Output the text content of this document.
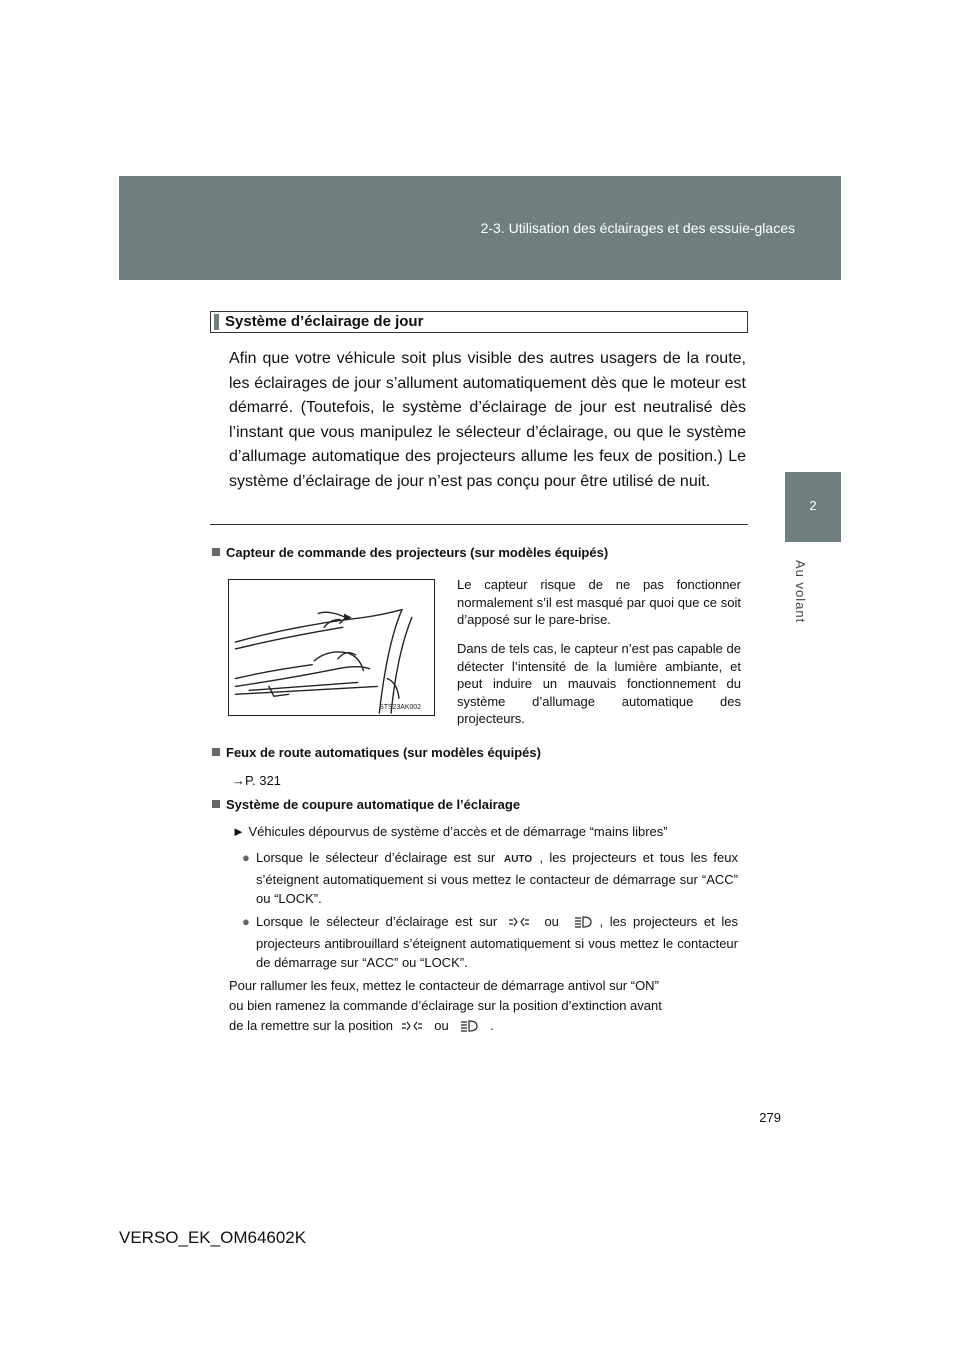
2-3. Utilisation des éclairages et des essuie-glaces
2
Au volant
Système d’éclairage de jour
Afin que votre véhicule soit plus visible des autres usagers de la route, les éclairages de jour s’allument automatiquement dès que le moteur est démarré. (Toutefois, le système d’éclairage de jour est neutralisé dès l’instant que vous manipulez le sélecteur d’éclairage, ou que le système d’allumage automatique des projecteurs allume les feux de position.) Le système d’éclairage de jour n’est pas conçu pour être utilisé de nuit.
Capteur de commande des projecteurs (sur modèles équipés)
STS23AK002
Le capteur risque de ne pas fonctionner normalement s’il est masqué par quoi que ce soit d’apposé sur le pare-brise.
Dans de tels cas, le capteur n’est pas capable de détecter l’intensité de la lumière ambiante, et peut induire un mauvais fonctionnement du système d’allumage automatique des projecteurs.
Feux de route automatiques (sur modèles équipés)
→P. 321
Système de coupure automatique de l’éclairage
► Véhicules dépourvus de système d’accès et de démarrage “mains libres”
● Lorsque le sélecteur d’éclairage est sur AUTO , les projecteurs et tous les feux s’éteignent automatiquement si vous mettez le contacteur de démarrage sur “ACC” ou “LOCK”.
● Lorsque le sélecteur d’éclairage est sur	ou	, les projecteurs et les projecteurs antibrouillard s’éteignent automatiquement si vous mettez le contacteur de démarrage sur “ACC” ou “LOCK”.
Pour rallumer les feux, mettez le contacteur de démarrage antivol sur “ON”
ou bien ramenez la commande d’éclairage sur la position d’extinction avant
de la remettre sur la position	ou	.
279
VERSO_EK_OM64602K
